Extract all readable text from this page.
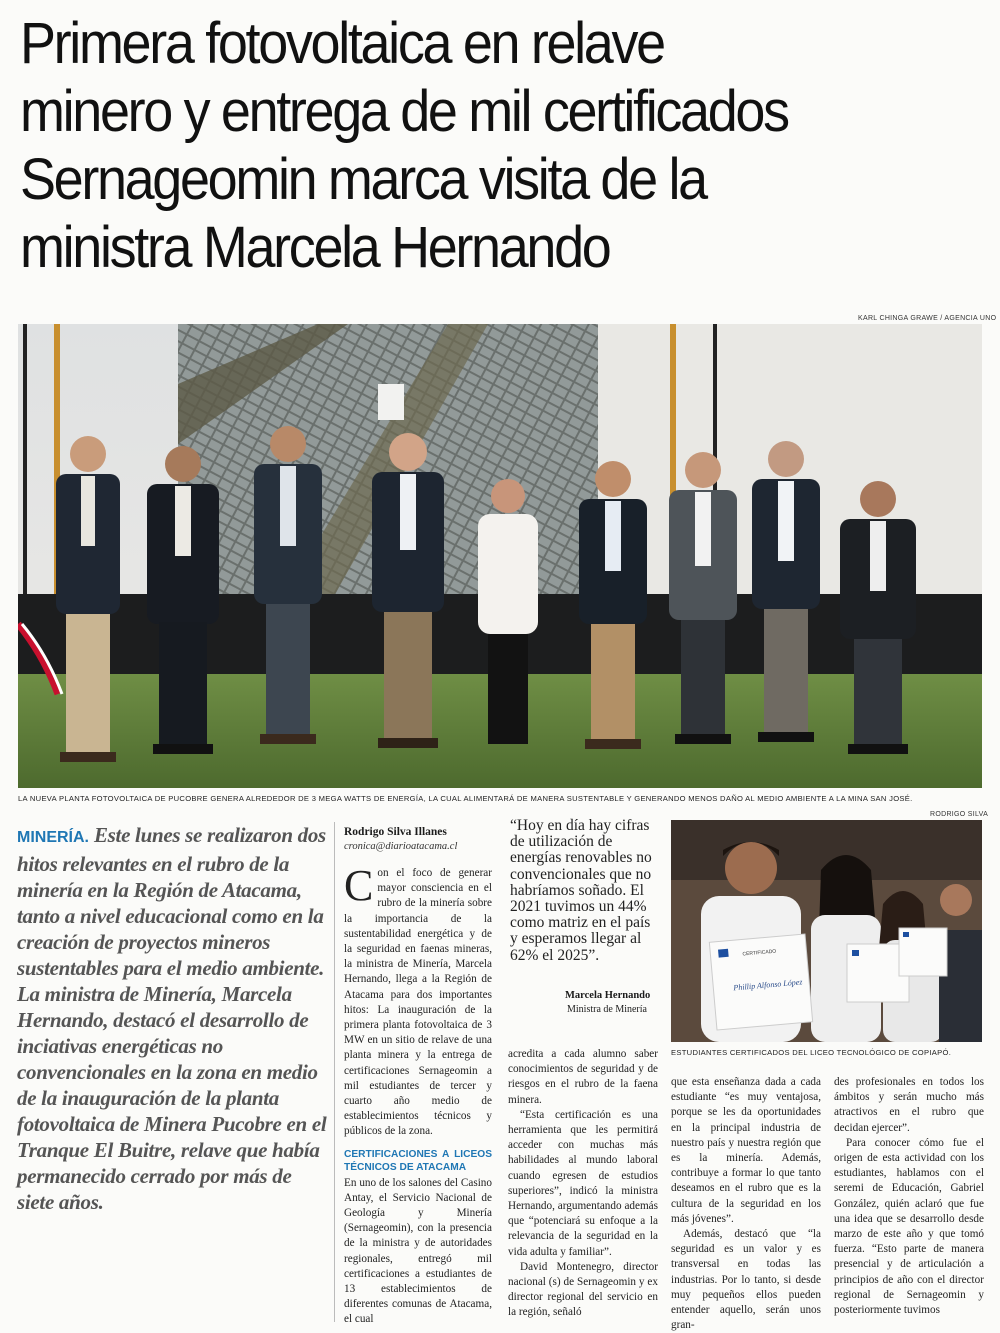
Primera fotovoltaica en relave
minero y entrega de mil certificados
Sernageomin marca visita de la
ministra Marcela Hernando
KARL CHINGA GRAWE / AGENCIA UNO
LA NUEVA PLANTA FOTOVOLTAICA DE PUCOBRE GENERA ALREDEDOR DE 3 MEGA WATTS DE ENERGÍA, LA CUAL ALIMENTARÁ DE MANERA SUSTENTABLE Y GENERANDO MENOS DAÑO AL MEDIO AMBIENTE A LA MINA SAN JOSÉ.
MINERÍA. Este lunes se realizaron dos hitos relevantes en el rubro de la minería en la Región de Atacama, tanto a nivel educacional como en la creación de proyectos mineros sustentables para el medio ambiente. La ministra de Minería, Marcela Hernando, destacó el desarrollo de inciativas energéticas no convencionales en la zona en medio de la inauguración de la planta fotovoltaica de Minera Pucobre en el Tranque El Buitre, relave que había permanecido cerrado por más de siete años.
Rodrigo Silva Illanes
cronica@diarioatacama.cl

Con el foco de generar mayor consciencia en el rubro de la minería sobre la importancia de la sustentabilidad energética y de la seguridad en faenas mineras, la ministra de Minería, Marcela Hernando, llega a la Región de Atacama para dos importantes hitos: La inauguración de la primera planta fotovoltaica de 3 MW en un sitio de relave de una planta minera y la entrega de certificaciones Sernageomin a mil estudiantes de tercer y cuarto año medio de establecimientos técnicos y públicos de la zona.

CERTIFICACIONES A LICEOS TÉCNICOS DE ATACAMA

En uno de los salones del Casino Antay, el Servicio Nacional de Geología y Minería (Sernageomin), con la presencia de la ministra y de autoridades regionales, entregó mil certificaciones a estudiantes de 13 establecimientos de diferentes comunas de Atacama, el cual

“Hoy en día hay cifras de utilización de energías renovables no convencionales que no habríamos soñado. El 2021 tuvimos un 44% como matriz en el país y esperamos llegar al 62% el 2025”.
Marcela Hernando
Ministra de Minería

acredita a cada alumno saber conocimientos de seguridad y de riesgos en el rubro de la faena minera.

“Esta certificación es una herramienta que les permitirá acceder con muchas más habilidades al mundo laboral cuando egresen de estudios superiores”, indicó la ministra Hernando, argumentando además que “potenciará su enfoque a la relevancia de la seguridad en la vida adulta y familiar”.

David Montenegro, director nacional (s) de Sernageomin y ex director regional del servicio en la región, señaló

RODRIGO SILVA
CERTIFICADO
Phillip Alfonso López
ESTUDIANTES CERTIFICADOS DEL LICEO TECNOLÓGICO DE COPIAPÓ.

que esta enseñanza dada a cada estudiante “es muy ventajosa, porque se les da oportunidades en la principal industria de nuestro país y nuestra región que es la minería. Además, contribuye a formar lo que tanto deseamos en el rubro que es la cultura de la seguridad en los más jóvenes”.

Además, destacó que “la seguridad es un valor y es transversal en todas las industrias. Por lo tanto, si desde muy pequeños ellos pueden entender aquello, serán unos gran-

des profesionales en todos los ámbitos y serán mucho más atractivos en el rubro que decidan ejercer”.

Para conocer cómo fue el origen de esta actividad con los estudiantes, hablamos con el seremi de Educación, Gabriel González, quién aclaró que fue una idea que se desarrollo desde marzo de este año y que tomó fuerza. “Esto parte de manera presencial y de articulación a principios de año con el director regional de Sernageomin y posteriormente tuvimos
